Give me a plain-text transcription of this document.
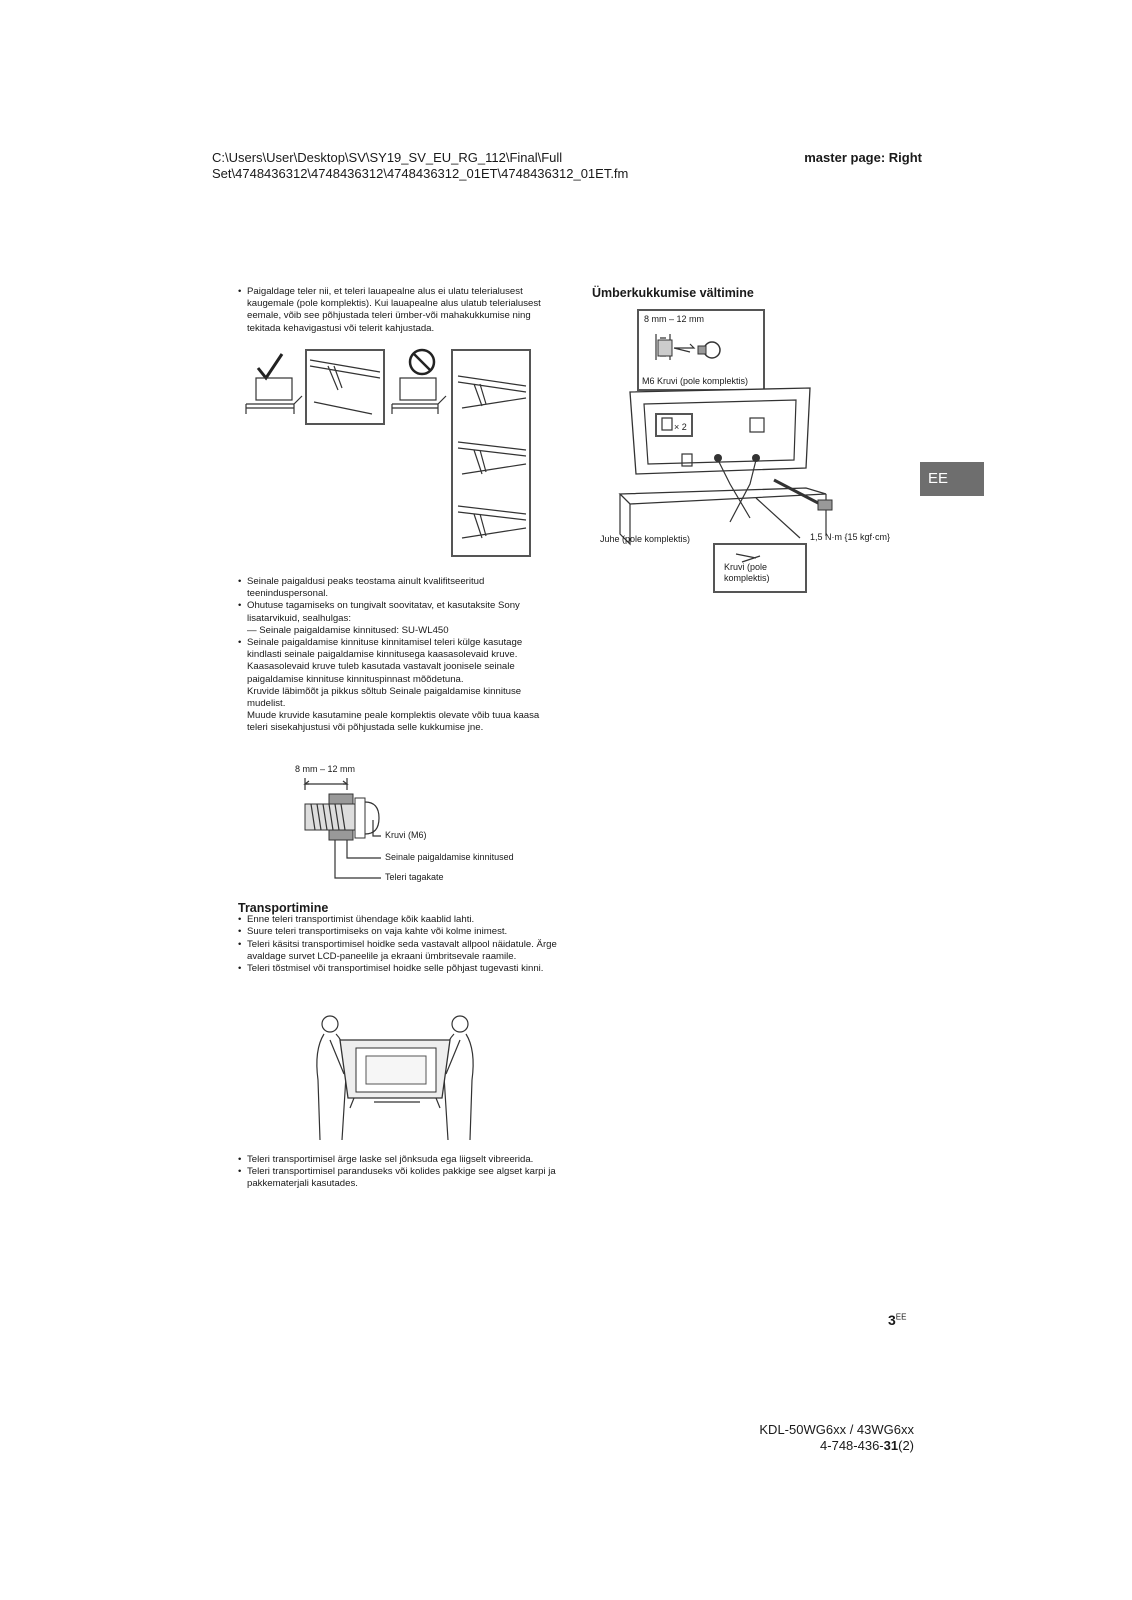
C:\Users\User\Desktop\SV\SY19_SV_EU_RG_112\Final\Full
Set\4748436312\4748436312\4748436312_01ET\4748436312_01ET.fm
master page: Right
• Paigaldage teler nii, et teleri lauapealne alus ei ulatu telerialusest kaugemale (pole komplektis). Kui lauapealne alus ulatub telerialusest eemale, võib see põhjustada teleri ümber-või mahakukkumise ning tekitada kehavigastusi või telerit kahjustada.
• Seinale paigaldusi peaks teostama ainult kvalifitseeritud teeninduspersonal.
• Ohutuse tagamiseks on tungivalt soovitatav, et kasutaksite Sony lisatarvikuid, sealhulgas:
— Seinale paigaldamise kinnitused: SU-WL450
• Seinale paigaldamise kinnituse kinnitamisel teleri külge kasutage kindlasti seinale paigaldamise kinnitusega kaasasolevaid kruve. Kaasasolevaid kruve tuleb kasutada vastavalt joonisele seinale paigaldamise kinnituse kinnituspinnast mõõdetuna.
Kruvide läbimõõt ja pikkus sõltub Seinale paigaldamise kinnituse mudelist.
Muude kruvide kasutamine peale komplektis olevate võib tuua kaasa teleri sisekahjustusi või põhjustada selle kukkumise jne.
8 mm – 12 mm
Kruvi (M6)
Seinale paigaldamise kinnitused
Teleri tagakate
Transportimine
• Enne teleri transportimist ühendage kõik kaablid lahti.
• Suure teleri transportimiseks on vaja kahte või kolme inimest.
• Teleri käsitsi transportimisel hoidke seda vastavalt allpool näidatule. Ärge avaldage survet LCD-paneelile ja ekraani ümbritsevale raamile.
• Teleri tõstmisel või transportimisel hoidke selle põhjast tugevasti kinni.
• Teleri transportimisel ärge laske sel jõnksuda ega liigselt vibreerida.
• Teleri transportimisel paranduseks või kolides pakkige see algset karpi ja pakkematerjali kasutades.
Ümberkukkumise vältimine
8 mm – 12 mm
M6 Kruvi (pole komplektis)
× 2
Juhe (pole komplektis)	1,5 N·m {15 kgf·cm}
Kruvi (pole komplektis)
EE
$3^{EE}$
KDL-50WG6xx / 43WG6xx
4-748-436-31(2)
